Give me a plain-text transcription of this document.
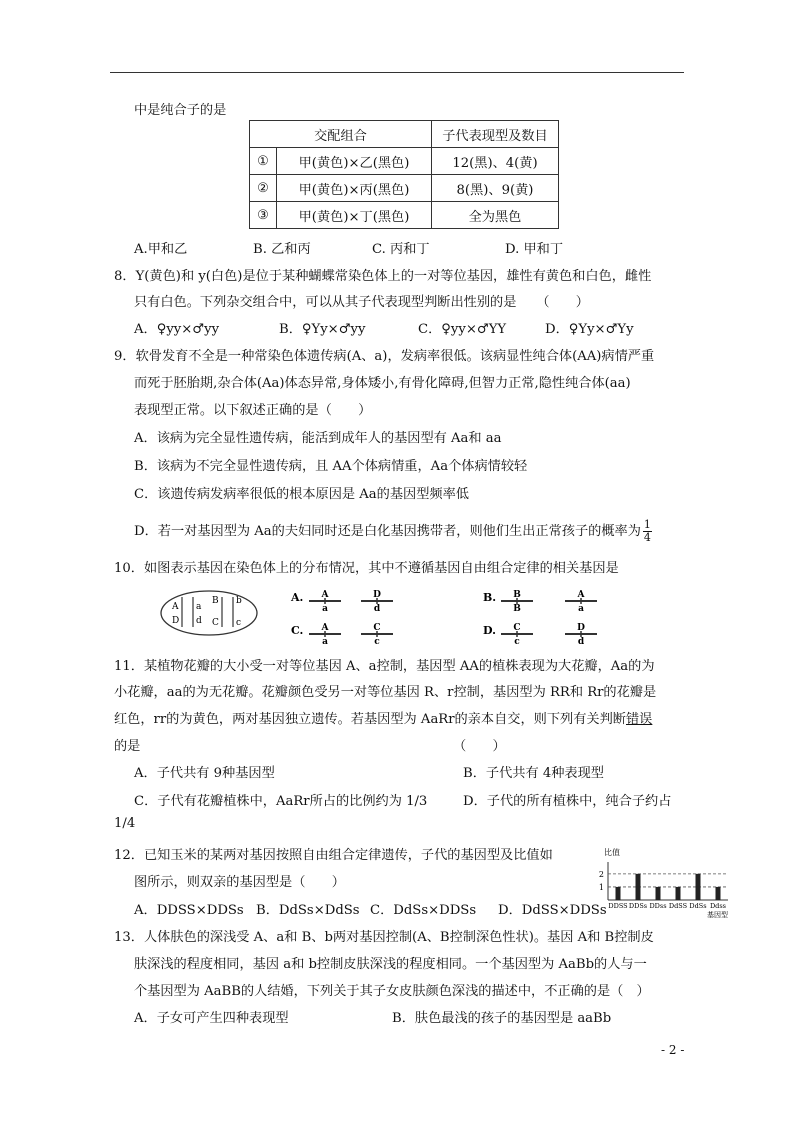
中是纯合子的是
交配组合		子代表现型及数目
①	甲(黄色)×乙(黑色)	12(黑)、4(黄)
②	甲(黄色)×丙(黑色)	8(黑)、9(黄)
③	甲(黄色)×丁(黑色)	全为黑色
A.甲和乙	B. 乙和丙	C. 丙和丁	D. 甲和丁
8．Y(黄色)和 y(白色)是位于某种蝴蝶常染色体上的一对等位基因，雄性有黄色和白色，雌性
只有白色。下列杂交组合中，可以从其子代表现型判断出性别的是　　（　　）
A．♀yy×♂yy	B．♀Yy×♂yy	C．♀yy×♂YY	D．♀Yy×♂Yy
9．软骨发育不全是一种常染色体遗传病(A、a)，发病率很低。该病显性纯合体(AA)病情严重
而死于胚胎期,杂合体(Aa)体态异常,身体矮小,有骨化障碍,但智力正常,隐性纯合体(aa)
表现型正常。以下叙述正确的是（　　）
A．该病为完全显性遗传病，能活到成年人的基因型有 Aa和 aa
B．该病为不完全显性遗传病，且 AA个体病情重，Aa个体病情较轻
C．该遗传病发病率很低的根本原因是 Aa的基因型频率低
D．若一对基因型为 Aa的夫妇同时还是白化基因携带者，则他们生出正常孩子的概率为 $\frac{1}{4}$
10．如图表示基因在染色体上的分布情况，其中不遵循基因自由组合定律的相关基因是
A a
B b
D d C c
A.	B.
C.	D.
A
a
D
d
B
B
A
a
A
a
C
c
C
c
D
d
11．某植物花瓣的大小受一对等位基因 A、a控制，基因型 AA的植株表现为大花瓣，Aa的为
小花瓣，aa的为无花瓣。花瓣颜色受另一对等位基因 R、r控制，基因型为 RR和 Rr的花瓣是
红色，rr的为黄色，两对基因独立遗传。若基因型为 AaRr的亲本自交，则下列有关判断错误
的是	（　　）
A．子代共有 9种基因型	B．子代共有 4种表现型
C．子代有花瓣植株中，AaRr所占的比例约为 1/3	D．子代的所有植株中，纯合子约占
1/4
12．已知玉米的某两对基因按照自由组合定律遗传，子代的基因型及比值如
图所示，则双亲的基因型是（　　）
A．DDSS×DDSs B．DdSs×DdSs C．DdSs×DDSs D．DdSS×DDSs
比值
1
2
DDSS DDSs DDss DdSS DdSs Ddss
基因型
13．人体肤色的深浅受 A、a和 B、b两对基因控制(A、B控制深色性状)。基因 A和 B控制皮
肤深浅的程度相同，基因 a和 b控制皮肤深浅的程度相同。一个基因型为 AaBb的人与一
个基因型为 AaBB的人结婚，下列关于其子女皮肤颜色深浅的描述中，不正确的是（　）
A．子女可产生四种表现型	B．肤色最浅的孩子的基因型是 aaBb
- 2 -
